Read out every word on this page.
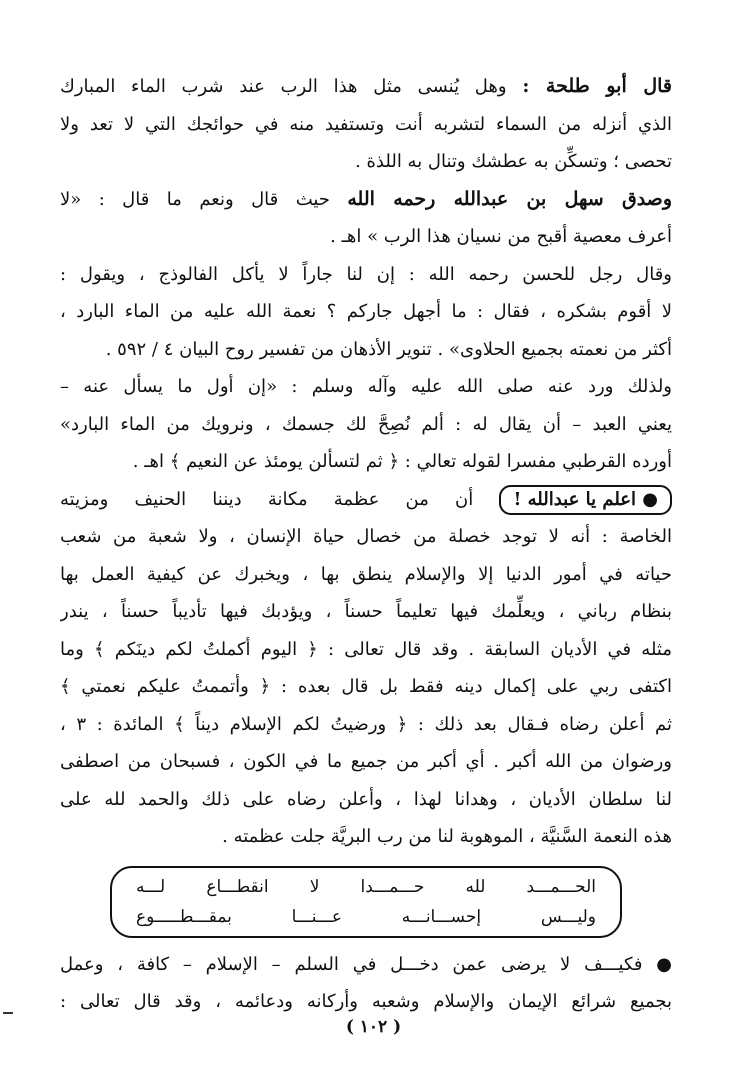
قال أبو طلحة : وهل يُنسى مثل هذا الرب عند شرب الماء المبارك
الذي أنزله من السماء لتشربه أنت وتستفيد منه في حوائجك التي لا تعد ولا
تحصى ؛ وتسكِّن به عطشك وتنال به اللذة .
وصدق سهل بن عبدالله رحمه الله حيث قال ونعم ما قال : «لا
أعرف معصية أقبح من نسيان هذا الرب » اهـ .
وقال رجل للحسن رحمه الله : إن لنا جاراً لا يأكل الفالوذج ، ويقول :
لا أقوم بشكره ، فقال : ما أجهل جاركم ؟ نعمة الله عليه من الماء البارد ،
أكثر من نعمته بجميع الحلاوى» . تنوير الأذهان من تفسير روح البيان ٤ / ٥٩٢ .
ولذلك ورد عنه صلى الله عليه وآله وسلم : «إن أول ما يسأل عنه –
يعني العبد – أن يقال له : ألم نُصِحَّ لك جسمك ، ونرويك من الماء البارد»
أورده القرطبي مفسرا لقوله تعالي : ﴿ ثم لتسألن يومئذ عن النعيم ﴾ اهـ .
● اعلم يا عبدالله ! أن من عظمة مكانة ديننا الحنيف ومزيته
الخاصة : أنه لا توجد خصلة من خصال حياة الإنسان ، ولا شعبة من شعب
حياته في أمور الدنيا إلا والإسلام ينطق بها ، ويخبرك عن كيفية العمل بها
بنظام رباني ، ويعلِّمك فيها تعليماً حسناً ، ويؤدبك فيها تأديباً حسناً ، يندر
مثله في الأديان السابقة . وقد قال تعالى : ﴿ اليوم أكملتُ لكم دينَكم ﴾ وما
اكتفى ربي على إكمال دينه فقط بل قال بعده : ﴿ وأتممتُ عليكم نعمتي ﴾
ثم أعلن رضاه فـقال بعد ذلك : ﴿ ورضيتُ لكم الإسلام ديناً ﴾ المائدة : ٣ ،
ورضوان من الله أكبر . أي أكبر من جميع ما في الكون ، فسبحان من اصطفى
لنا سلطان الأديان ، وهدانا لهذا ، وأعلن رضاه على ذلك والحمد لله على
هذه النعمة السَّنيَّة ، الموهوبة لنا من رب البريَّة جلت عظمته .
الحـــمـــد لله حـــمـــدا لا انقطـــاع لـــه
وليـــس إحســـانـــه عـــنـــا بمقـــطـــــوع
● فكيـــف لا يرضى عمن دخـــل في السلم – الإسلام – كافة ، وعمل
بجميع شرائع الإيمان والإسلام وشعبه وأركانه ودعائمه ، وقد قال تعالى :
( ١٠٢ )
